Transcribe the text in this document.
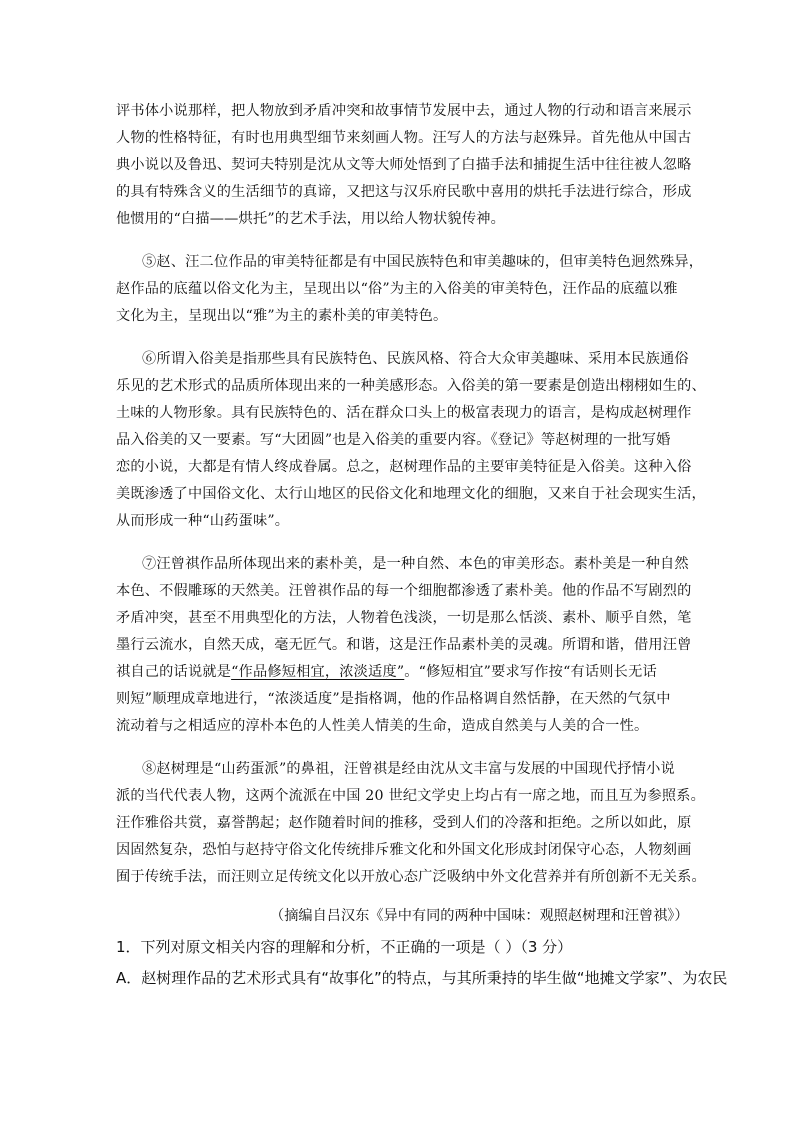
评书体小说那样，把人物放到矛盾冲突和故事情节发展中去，通过人物的行动和语言来展示
人物的性格特征，有时也用典型细节来刻画人物。汪写人的方法与赵殊异。首先他从中国古
典小说以及鲁迅、契诃夫特别是沈从文等大师处悟到了白描手法和捕捉生活中往往被人忽略
的具有特殊含义的生活细节的真谛，又把这与汉乐府民歌中喜用的烘托手法进行综合，形成
他惯用的“白描——烘托”的艺术手法，用以给人物状貌传神。
⑤赵、汪二位作品的审美特征都是有中国民族特色和审美趣味的，但审美特色迥然殊异，
赵作品的底蕴以俗文化为主，呈现出以“俗”为主的入俗美的审美特色，汪作品的底蕴以雅
文化为主，呈现出以“雅”为主的素朴美的审美特色。
⑥所谓入俗美是指那些具有民族特色、民族风格、符合大众审美趣味、采用本民族通俗
乐见的艺术形式的品质所体现出来的一种美感形态。入俗美的第一要素是创造出栩栩如生的、
土味的人物形象。具有民族特色的、活在群众口头上的极富表现力的语言，是构成赵树理作
品入俗美的又一要素。写“大团圆”也是入俗美的重要内容。《登记》等赵树理的一批写婚
恋的小说，大都是有情人终成眷属。总之，赵树理作品的主要审美特征是入俗美。这种入俗
美既渗透了中国俗文化、太行山地区的民俗文化和地理文化的细胞，又来自于社会现实生活，
从而形成一种“山药蛋味”。
⑦汪曾祺作品所体现出来的素朴美，是一种自然、本色的审美形态。素朴美是一种自然
本色、不假雕琢的天然美。汪曾祺作品的每一个细胞都渗透了素朴美。他的作品不写剧烈的
矛盾冲突，甚至不用典型化的方法，人物着色浅淡，一切是那么恬淡、素朴、顺乎自然，笔
墨行云流水，自然天成，毫无匠气。和谐，这是汪作品素朴美的灵魂。所谓和谐，借用汪曾
祺自己的话说就是“作品修短相宜，浓淡适度”。“修短相宜”要求写作按“有话则长无话
则短”顺理成章地进行，“浓淡适度”是指格调，他的作品格调自然恬静，在天然的气氛中
流动着与之相适应的淳朴本色的人性美人情美的生命，造成自然美与人美的合一性。
⑧赵树理是“山药蛋派”的鼻祖，汪曾祺是经由沈从文丰富与发展的中国现代抒情小说
派的当代代表人物，这两个流派在中国 20 世纪文学史上均占有一席之地，而且互为参照系。
汪作雅俗共赏，嘉誉鹊起；赵作随着时间的推移，受到人们的冷落和拒绝。之所以如此，原
因固然复杂，恐怕与赵持守俗文化传统排斥雅文化和外国文化形成封闭保守心态，人物刻画
囿于传统手法，而汪则立足传统文化以开放心态广泛吸纳中外文化营养并有所创新不无关系。
（摘编自吕汉东《异中有同的两种中国味：观照赵树理和汪曾祺》）
1．下列对原文相关内容的理解和分析，不正确的一项是（ ）（3 分）
A．赵树理作品的艺术形式具有“故事化”的特点，与其所秉持的毕生做“地摊文学家”、为农民
